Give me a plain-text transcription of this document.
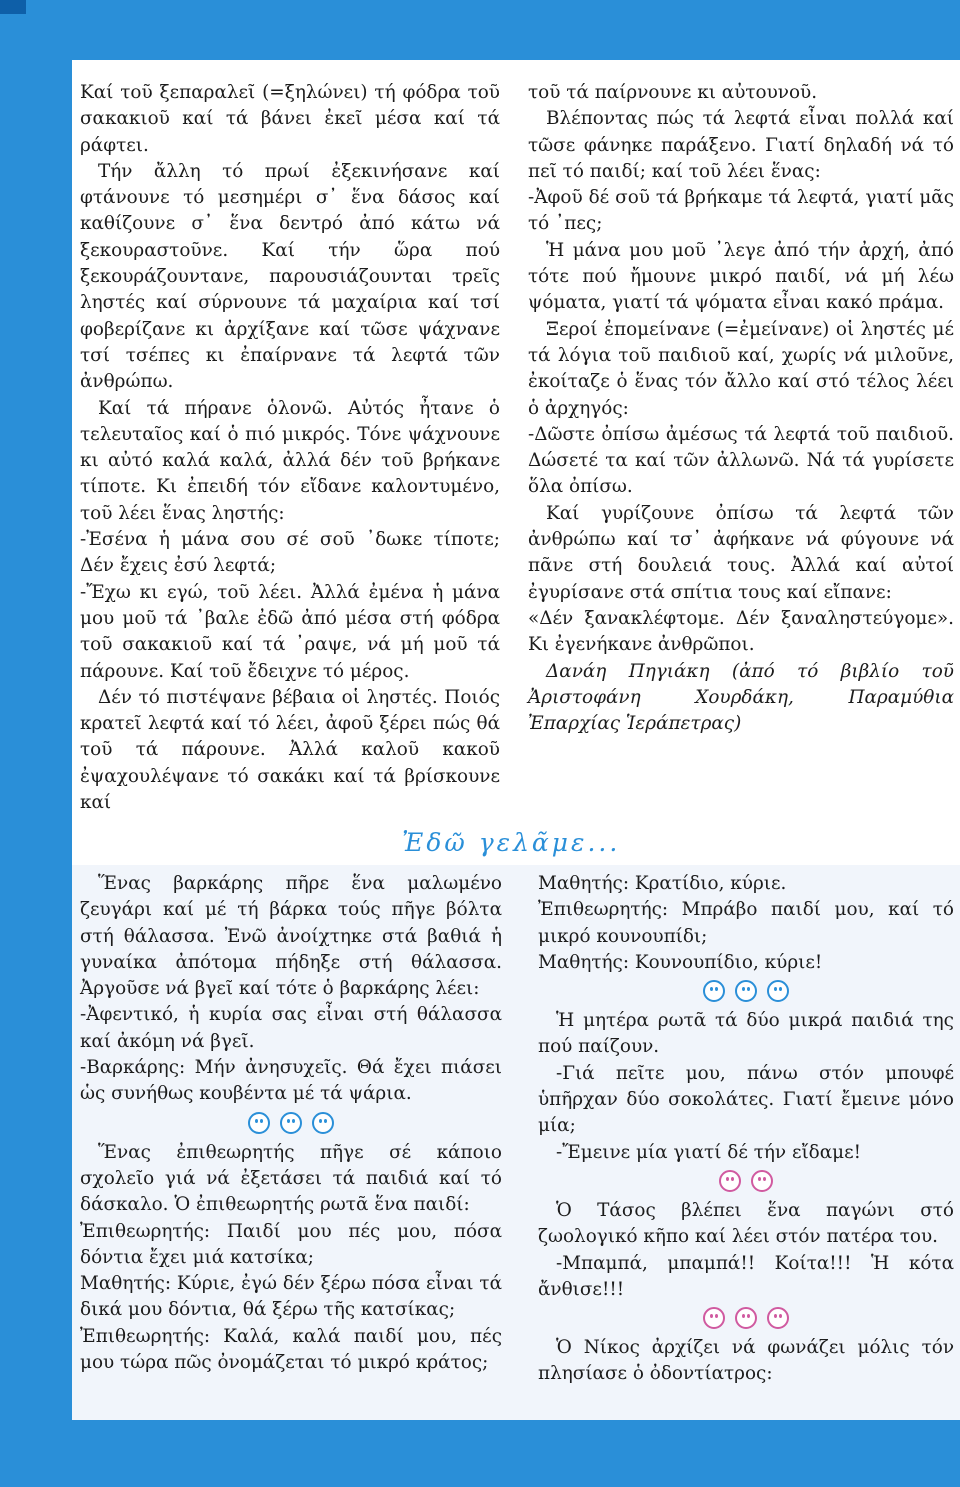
Καί τοῦ ξεπαραλεῖ (=ξηλώνει) τή φόδρα τοῦ σακακιοῦ καί τά βάνει ἐκεῖ μέσα καί τά ράφτει.

Τήν ἄλλη τό πρωί ἐξεκινήσανε καί φτάνουνε τό μεσημέρι σ᾽ ἕνα δάσος καί καθίζουνε σ᾽ ἕνα δεντρό ἀπό κάτω νά ξεκουραστοῦνε. Καί τήν ὥρα πού ξεκουράζουντανε, παρουσιάζουνται τρεῖς ληστές καί σύρνουνε τά μαχαίρια καί τσί φοβερίζανε κι ἀρχίξανε καί τῶσε ψάχνανε τσί τσέπες κι ἐπαίρνανε τά λεφτά τῶν ἀνθρώπω.

Καί τά πήρανε ὁλονῶ. Αὐτός ἦτανε ὁ τελευταῖος καί ὁ πιό μικρός. Τόνε ψάχνουνε κι αὐτό καλά καλά, ἀλλά δέν τοῦ βρήκανε τίποτε. Κι ἐπειδή τόν εἴδανε καλοντυμένο, τοῦ λέει ἕνας ληστής:

-Ἐσένα ἡ μάνα σου σέ σοῦ ᾽δωκε τίποτε; Δέν ἔχεις ἐσύ λεφτά;

-Ἔχω κι εγώ, τοῦ λέει. Ἀλλά ἐμένα ἡ μάνα μου μοῦ τά ᾽βαλε ἐδῶ ἀπό μέσα στή φόδρα τοῦ σακακιοῦ καί τά ᾽ραψε, νά μή μοῦ τά πάρουνε. Καί τοῦ ἔδειχνε τό μέρος.

Δέν τό πιστέψανε βέβαια οἱ ληστές. Ποιός κρατεῖ λεφτά καί τό λέει, ἀφοῦ ξέρει πώς θά τοῦ τά πάρουνε. Ἀλλά καλοῦ κακοῦ ἐψαχουλέψανε τό σακάκι καί τά βρίσκουνε καί

τοῦ τά παίρνουνε κι αὐτουνοῦ.

Βλέποντας πώς τά λεφτά εἶναι πολλά καί τῶσε φάνηκε παράξενο. Γιατί δηλαδή νά τό πεῖ τό παιδί; καί τοῦ λέει ἕνας:

-Ἀφοῦ δέ σοῦ τά βρήκαμε τά λεφτά, γιατί μᾶς τό ᾽πες;

Ἡ μάνα μου μοῦ ᾽λεγε ἀπό τήν ἀρχή, ἀπό τότε πού ἤμουνε μικρό παιδί, νά μή λέω ψόματα, γιατί τά ψόματα εἶναι κακό πράμα.

Ξεροί ἐπομείνανε (=ἐμείνανε) οἱ ληστές μέ τά λόγια τοῦ παιδιοῦ καί, χωρίς νά μιλοῦνε, ἐκοίταζε ὁ ἕνας τόν ἄλλο καί στό τέλος λέει ὁ ἀρχηγός:

-Δῶστε ὀπίσω ἀμέσως τά λεφτά τοῦ παιδιοῦ. Δώσετέ τα καί τῶν ἀλλωνῶ. Νά τά γυρίσετε ὅλα ὀπίσω.

Καί γυρίζουνε ὀπίσω τά λεφτά τῶν ἀνθρώπω καί τσ᾽ ἀφήκανε νά φύγουνε νά πᾶνε στή δουλειά τους. Ἀλλά καί αὐτοί ἐγυρίσανε στά σπίτια τους καί εἴπανε:

«Δέν ξανακλέφτομε. Δέν ξαναληστεύγομε». Κι ἐγενήκανε ἀνθρῶποι.

Δανάη Πηγιάκη (ἀπό τό βιβλίο τοῦ Ἀριστοφάνη Χουρδάκη, Παραμύθια Ἐπαρχίας Ἱεράπετρας)

Ἐδῶ γελᾶμε...

Ἕνας βαρκάρης πῆρε ἕνα μαλωμένο ζευγάρι καί μέ τή βάρκα τούς πῆγε βόλτα στή θάλασσα. Ἐνῶ ἀνοίχτηκε στά βαθιά ἡ γυναίκα ἀπότομα πήδηξε στή θάλασσα. Ἀργοῦσε νά βγεῖ καί τότε ὁ βαρκάρης λέει:

-Ἀφεντικό, ἡ κυρία σας εἶναι στή θάλασσα καί ἀκόμη νά βγεῖ.

-Βαρκάρης: Μήν ἀνησυχεῖς. Θά ἔχει πιάσει ὡς συνήθως κουβέντα μέ τά ψάρια.

Ἕνας ἐπιθεωρητής πῆγε σέ κάποιο σχολεῖο γιά νά ἐξετάσει τά παιδιά καί τό δάσκαλο. Ὁ ἐπιθεωρητής ρωτᾶ ἕνα παιδί:

Ἐπιθεωρητής: Παιδί μου πές μου, πόσα δόντια ἔχει μιά κατσίκα;

Μαθητής: Κύριε, ἐγώ δέν ξέρω πόσα εἶναι τά δικά μου δόντια, θά ξέρω τῆς κατσίκας;

Ἐπιθεωρητής: Καλά, καλά παιδί μου, πές μου τώρα πῶς ὀνομάζεται τό μικρό κράτος;

Μαθητής: Κρατίδιο, κύριε.

Ἐπιθεωρητής: Μπράβο παιδί μου, καί τό μικρό κουνουπίδι;

Μαθητής: Κουνουπίδιο, κύριε!

Ἡ μητέρα ρωτᾶ τά δύο μικρά παιδιά της πού παίζουν.

-Γιά πεῖτε μου, πάνω στόν μπουφέ ὑπῆρχαν δύο σοκολάτες. Γιατί ἔμεινε μόνο μία;

-Ἔμεινε μία γιατί δέ τήν εἴδαμε!

Ὁ Τάσος βλέπει ἕνα παγώνι στό ζωολογικό κῆπο καί λέει στόν πατέρα του.

-Μπαμπά, μπαμπά!! Κοίτα!!! Ἡ κότα ἄνθισε!!!

Ὁ Νίκος ἀρχίζει νά φωνάζει μόλις τόν πλησίασε ὁ ὀδοντίατρος:
